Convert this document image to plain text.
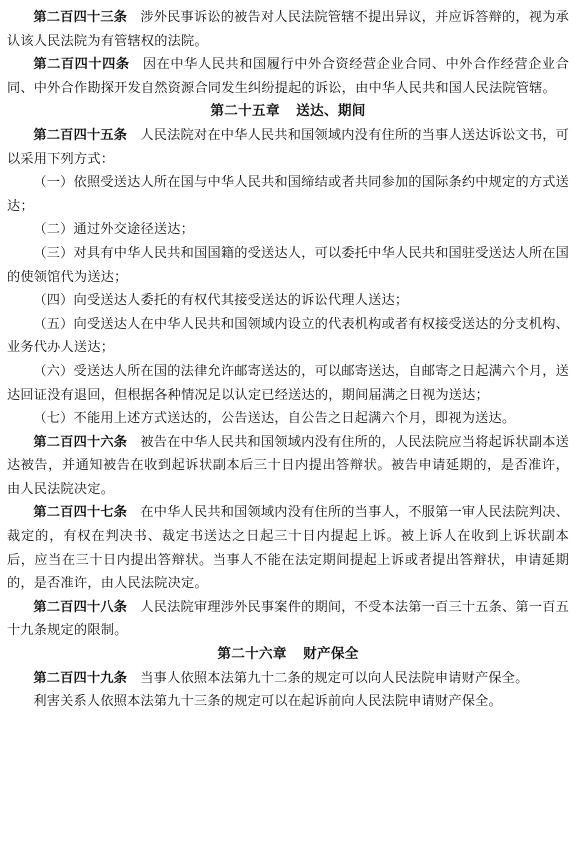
第二百四十三条 涉外民事诉讼的被告对人民法院管辖不提出异议，并应诉答辩的，视为承认该人民法院为有管辖权的法院。

第二百四十四条 因在中华人民共和国履行中外合资经营企业合同、中外合作经营企业合同、中外合作勘探开发自然资源合同发生纠纷提起的诉讼，由中华人民共和国人民法院管辖。

第二十五章 送达、期间

第二百四十五条 人民法院对在中华人民共和国领域内没有住所的当事人送达诉讼文书，可以采用下列方式：

（一）依照受送达人所在国与中华人民共和国缔结或者共同参加的国际条约中规定的方式送达；

（二）通过外交途径送达；

（三）对具有中华人民共和国国籍的受送达人，可以委托中华人民共和国驻受送达人所在国的使领馆代为送达；

（四）向受送达人委托的有权代其接受送达的诉讼代理人送达；

（五）向受送达人在中华人民共和国领域内设立的代表机构或者有权接受送达的分支机构、业务代办人送达；

（六）受送达人所在国的法律允许邮寄送达的，可以邮寄送达，自邮寄之日起满六个月，送达回证没有退回，但根据各种情况足以认定已经送达的，期间届满之日视为送达；

（七）不能用上述方式送达的，公告送达，自公告之日起满六个月，即视为送达。

第二百四十六条 被告在中华人民共和国领域内没有住所的，人民法院应当将起诉状副本送达被告，并通知被告在收到起诉状副本后三十日内提出答辩状。被告申请延期的，是否准许，由人民法院决定。

第二百四十七条 在中华人民共和国领域内没有住所的当事人，不服第一审人民法院判决、裁定的，有权在判决书、裁定书送达之日起三十日内提起上诉。被上诉人在收到上诉状副本后，应当在三十日内提出答辩状。当事人不能在法定期间提起上诉或者提出答辩状，申请延期的，是否准许，由人民法院决定。

第二百四十八条 人民法院审理涉外民事案件的期间，不受本法第一百三十五条、第一百五十九条规定的限制。

第二十六章 财产保全

第二百四十九条 当事人依照本法第九十二条的规定可以向人民法院申请财产保全。

利害关系人依照本法第九十三条的规定可以在起诉前向人民法院申请财产保全。
